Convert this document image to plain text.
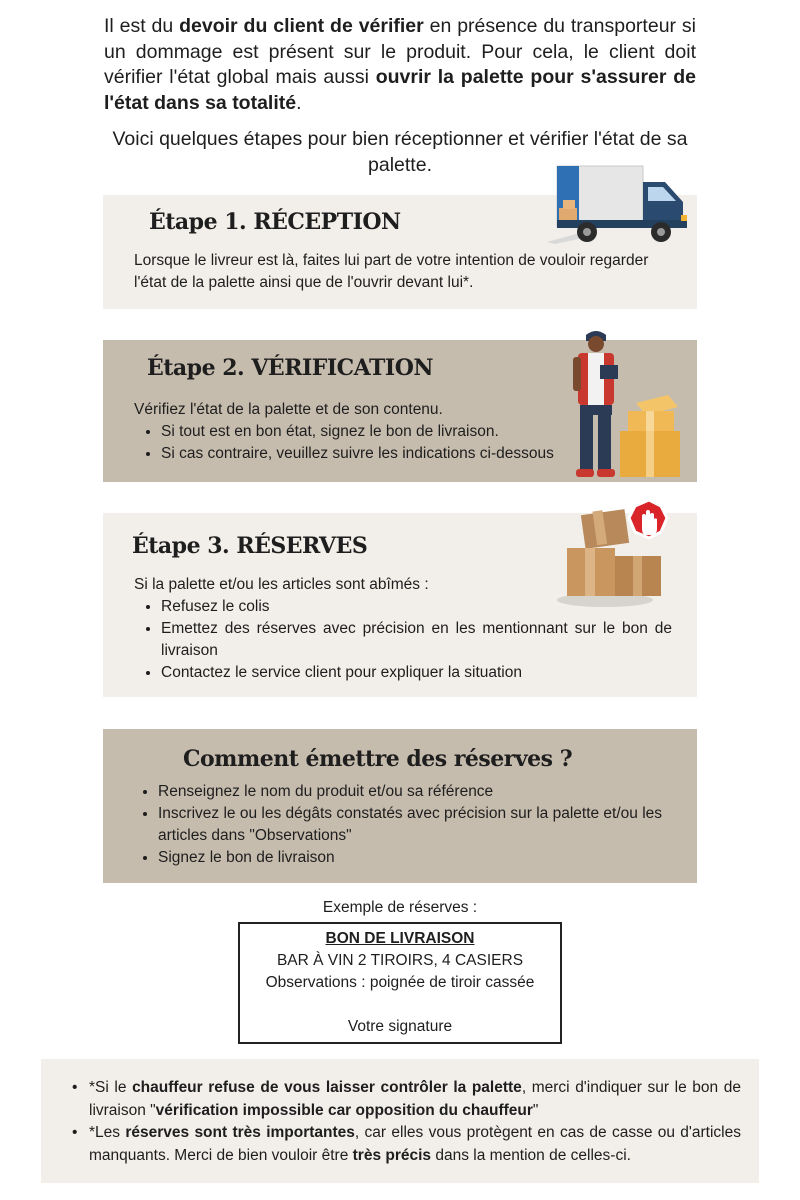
Il est du devoir du client de vérifier en présence du transporteur si un dommage est présent sur le produit. Pour cela, le client doit vérifier l'état global mais aussi ouvrir la palette pour s'assurer de l'état dans sa totalité.

Voici quelques étapes pour bien réceptionner et vérifier l'état de sa palette.

Étape 1. RÉCEPTION
Lorsque le livreur est là, faites lui part de votre intention de vouloir regarder l'état de la palette ainsi que de l'ouvrir devant lui*.
Étape 2. VÉRIFICATION
Vérifiez l'état de la palette et de son contenu.
• Si tout est en bon état, signez le bon de livraison.
• Si cas contraire, veuillez suivre les indications ci-dessous
Étape 3. RÉSERVES
Si la palette et/ou les articles sont abîmés :
• Refusez le colis
• Emettez des réserves avec précision en les mentionnant sur le bon de livraison
• Contactez le service client pour expliquer la situation
Comment émettre des réserves ?
• Renseignez le nom du produit et/ou sa référence
• Inscrivez le ou les dégâts constatés avec précision sur la palette et/ou les articles dans "Observations"
• Signez le bon de livraison
Exemple de réserves :
BON DE LIVRAISON
BAR À VIN 2 TIROIRS, 4 CASIERS
Observations : poignée de tiroir cassée
Votre signature
• *Si le chauffeur refuse de vous laisser contrôler la palette, merci d'indiquer sur le bon de livraison "vérification impossible car opposition du chauffeur"
• *Les réserves sont très importantes, car elles vous protègent en cas de casse ou d'articles manquants. Merci de bien vouloir être très précis dans la mention de celles-ci.
